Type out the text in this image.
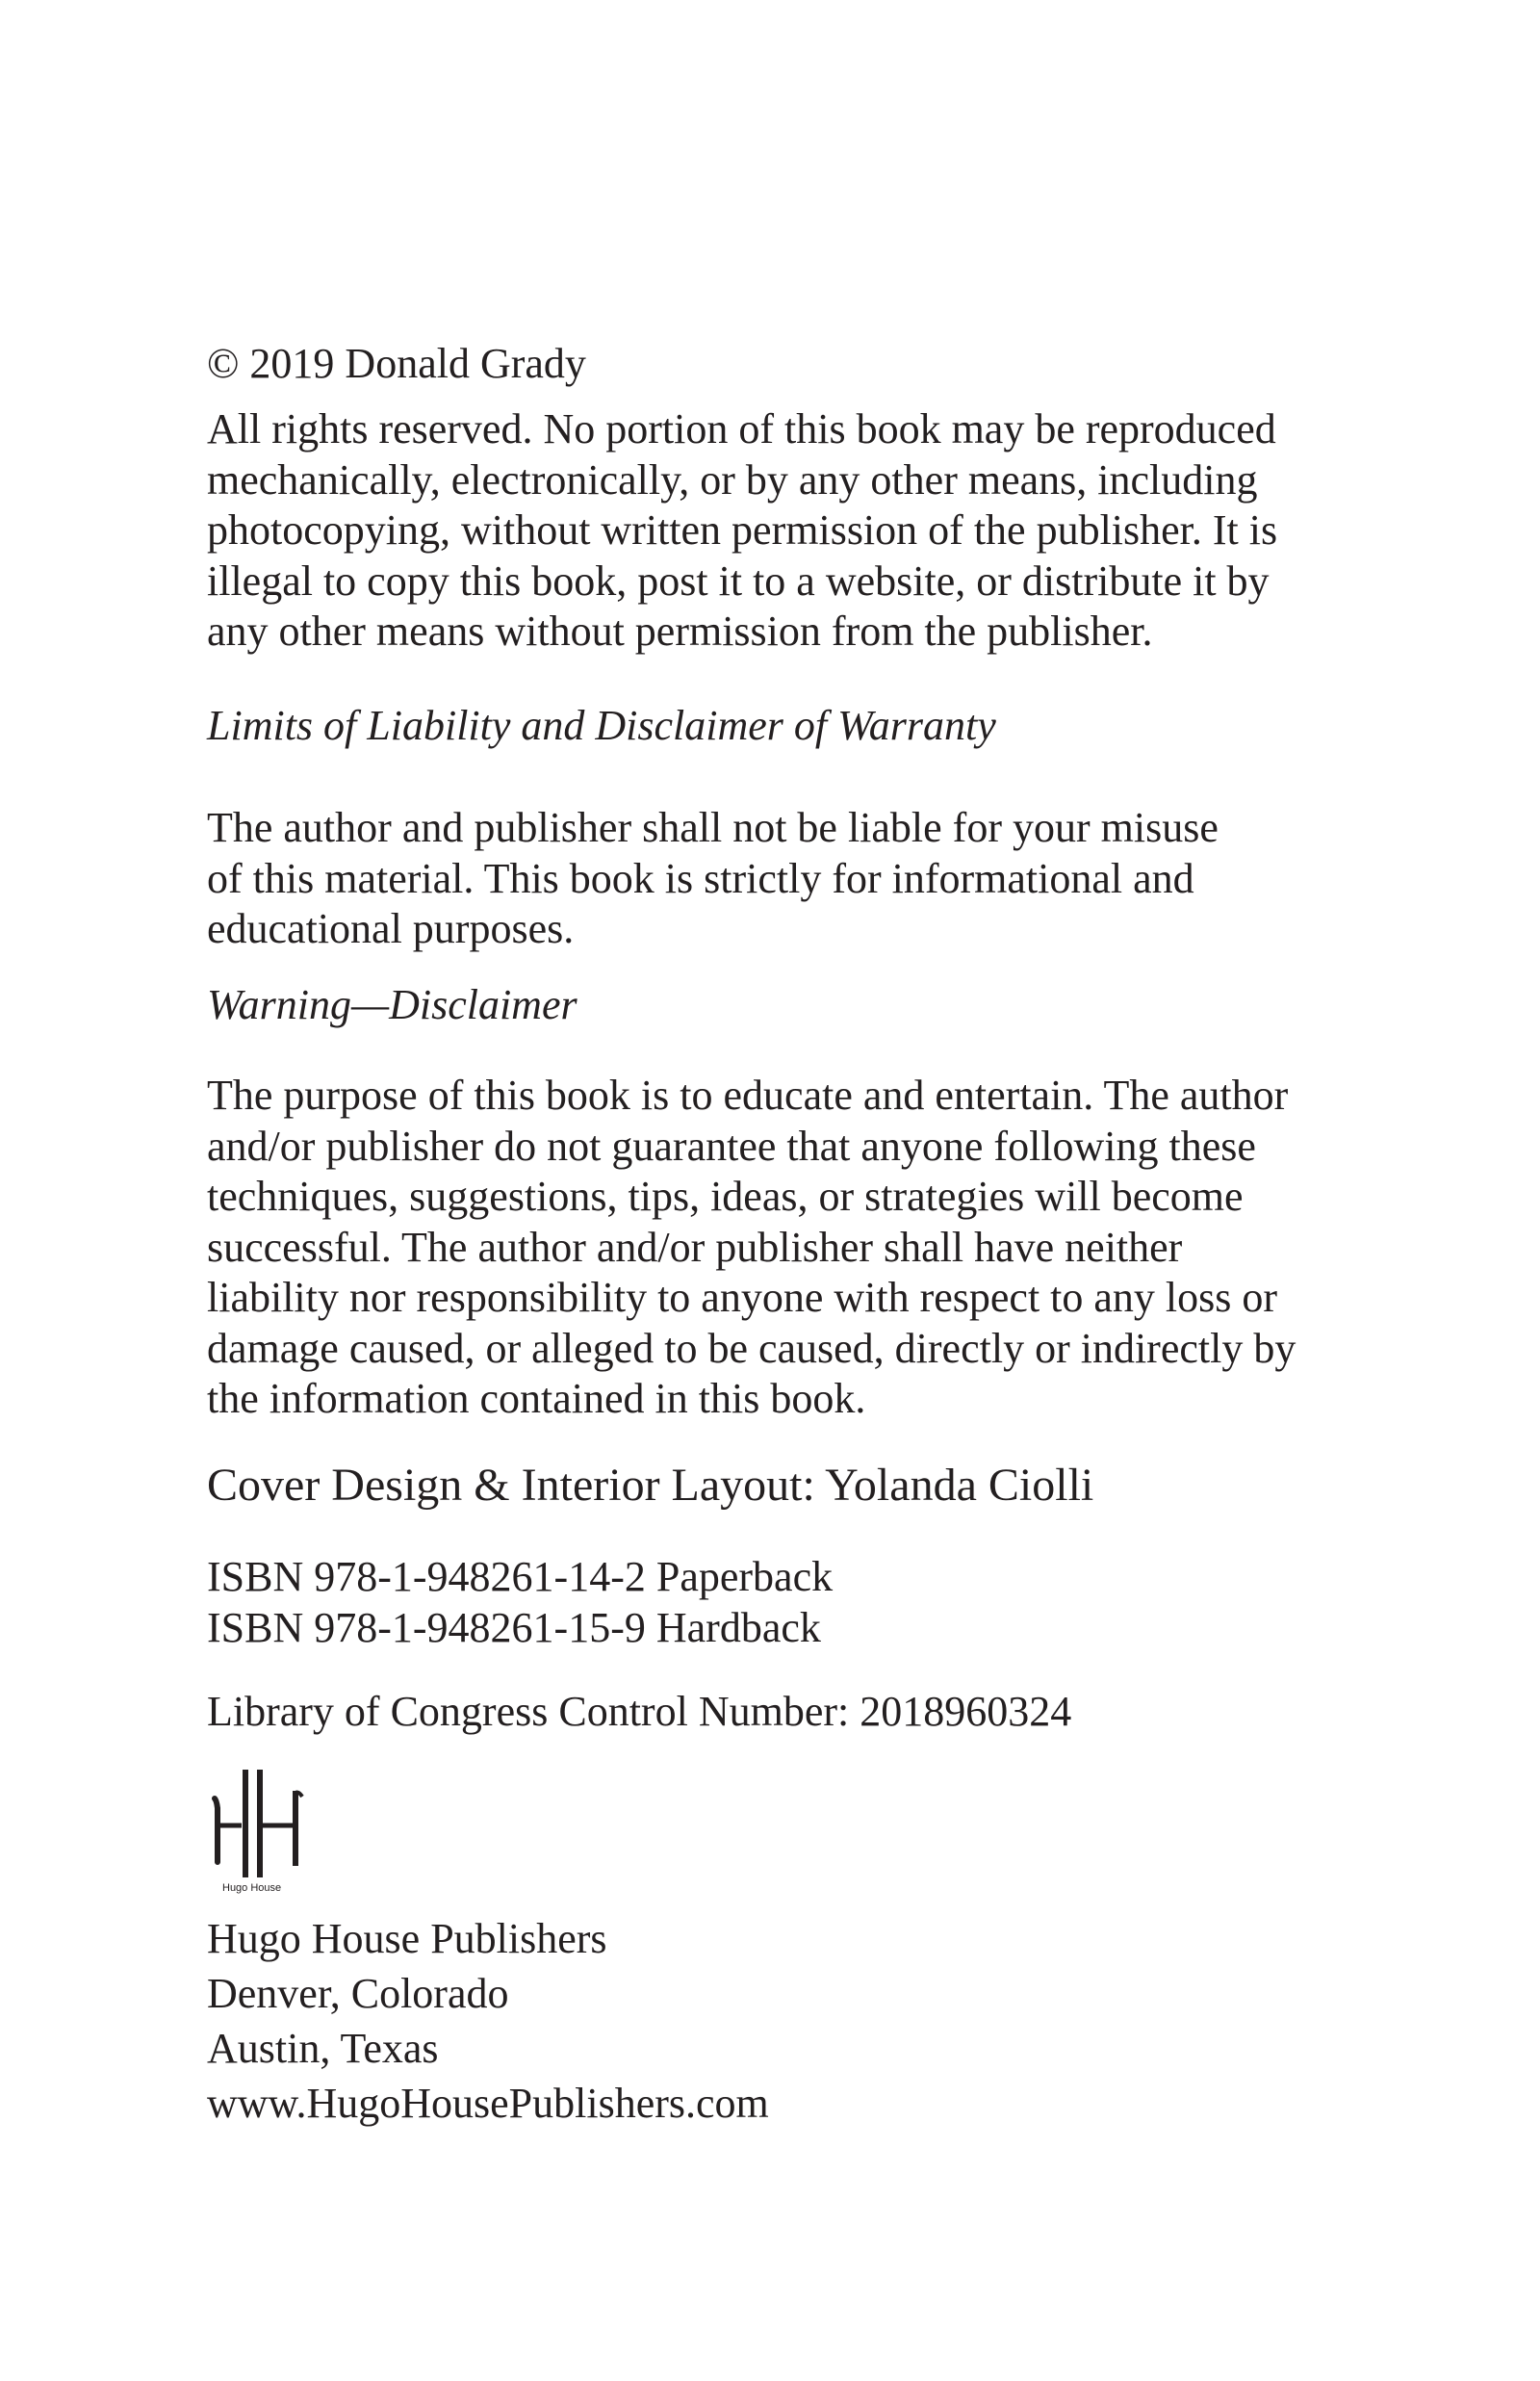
© 2019 Donald Grady

All rights reserved. No portion of this book may be reproduced
mechanically, electronically, or by any other means, including
photocopying, without written permission of the publisher. It is
illegal to copy this book, post it to a website, or distribute it by
any other means without permission from the publisher.

Limits of Liability and Disclaimer of Warranty

The author and publisher shall not be liable for your misuse
of this material. This book is strictly for informational and
educational purposes.

Warning—Disclaimer

The purpose of this book is to educate and entertain. The author
and/or publisher do not guarantee that anyone following these
techniques, suggestions, tips, ideas, or strategies will become
successful. The author and/or publisher shall have neither
liability nor responsibility to anyone with respect to any loss or
damage caused, or alleged to be caused, directly or indirectly by
the information contained in this book.

Cover Design & Interior Layout: Yolanda Ciolli

ISBN 978-1-948261-14-2 Paperback
ISBN 978-1-948261-15-9 Hardback

Library of Congress Control Number: 2018960324

Hugo House

Hugo House Publishers
Denver, Colorado
Austin, Texas
www.HugoHousePublishers.com
